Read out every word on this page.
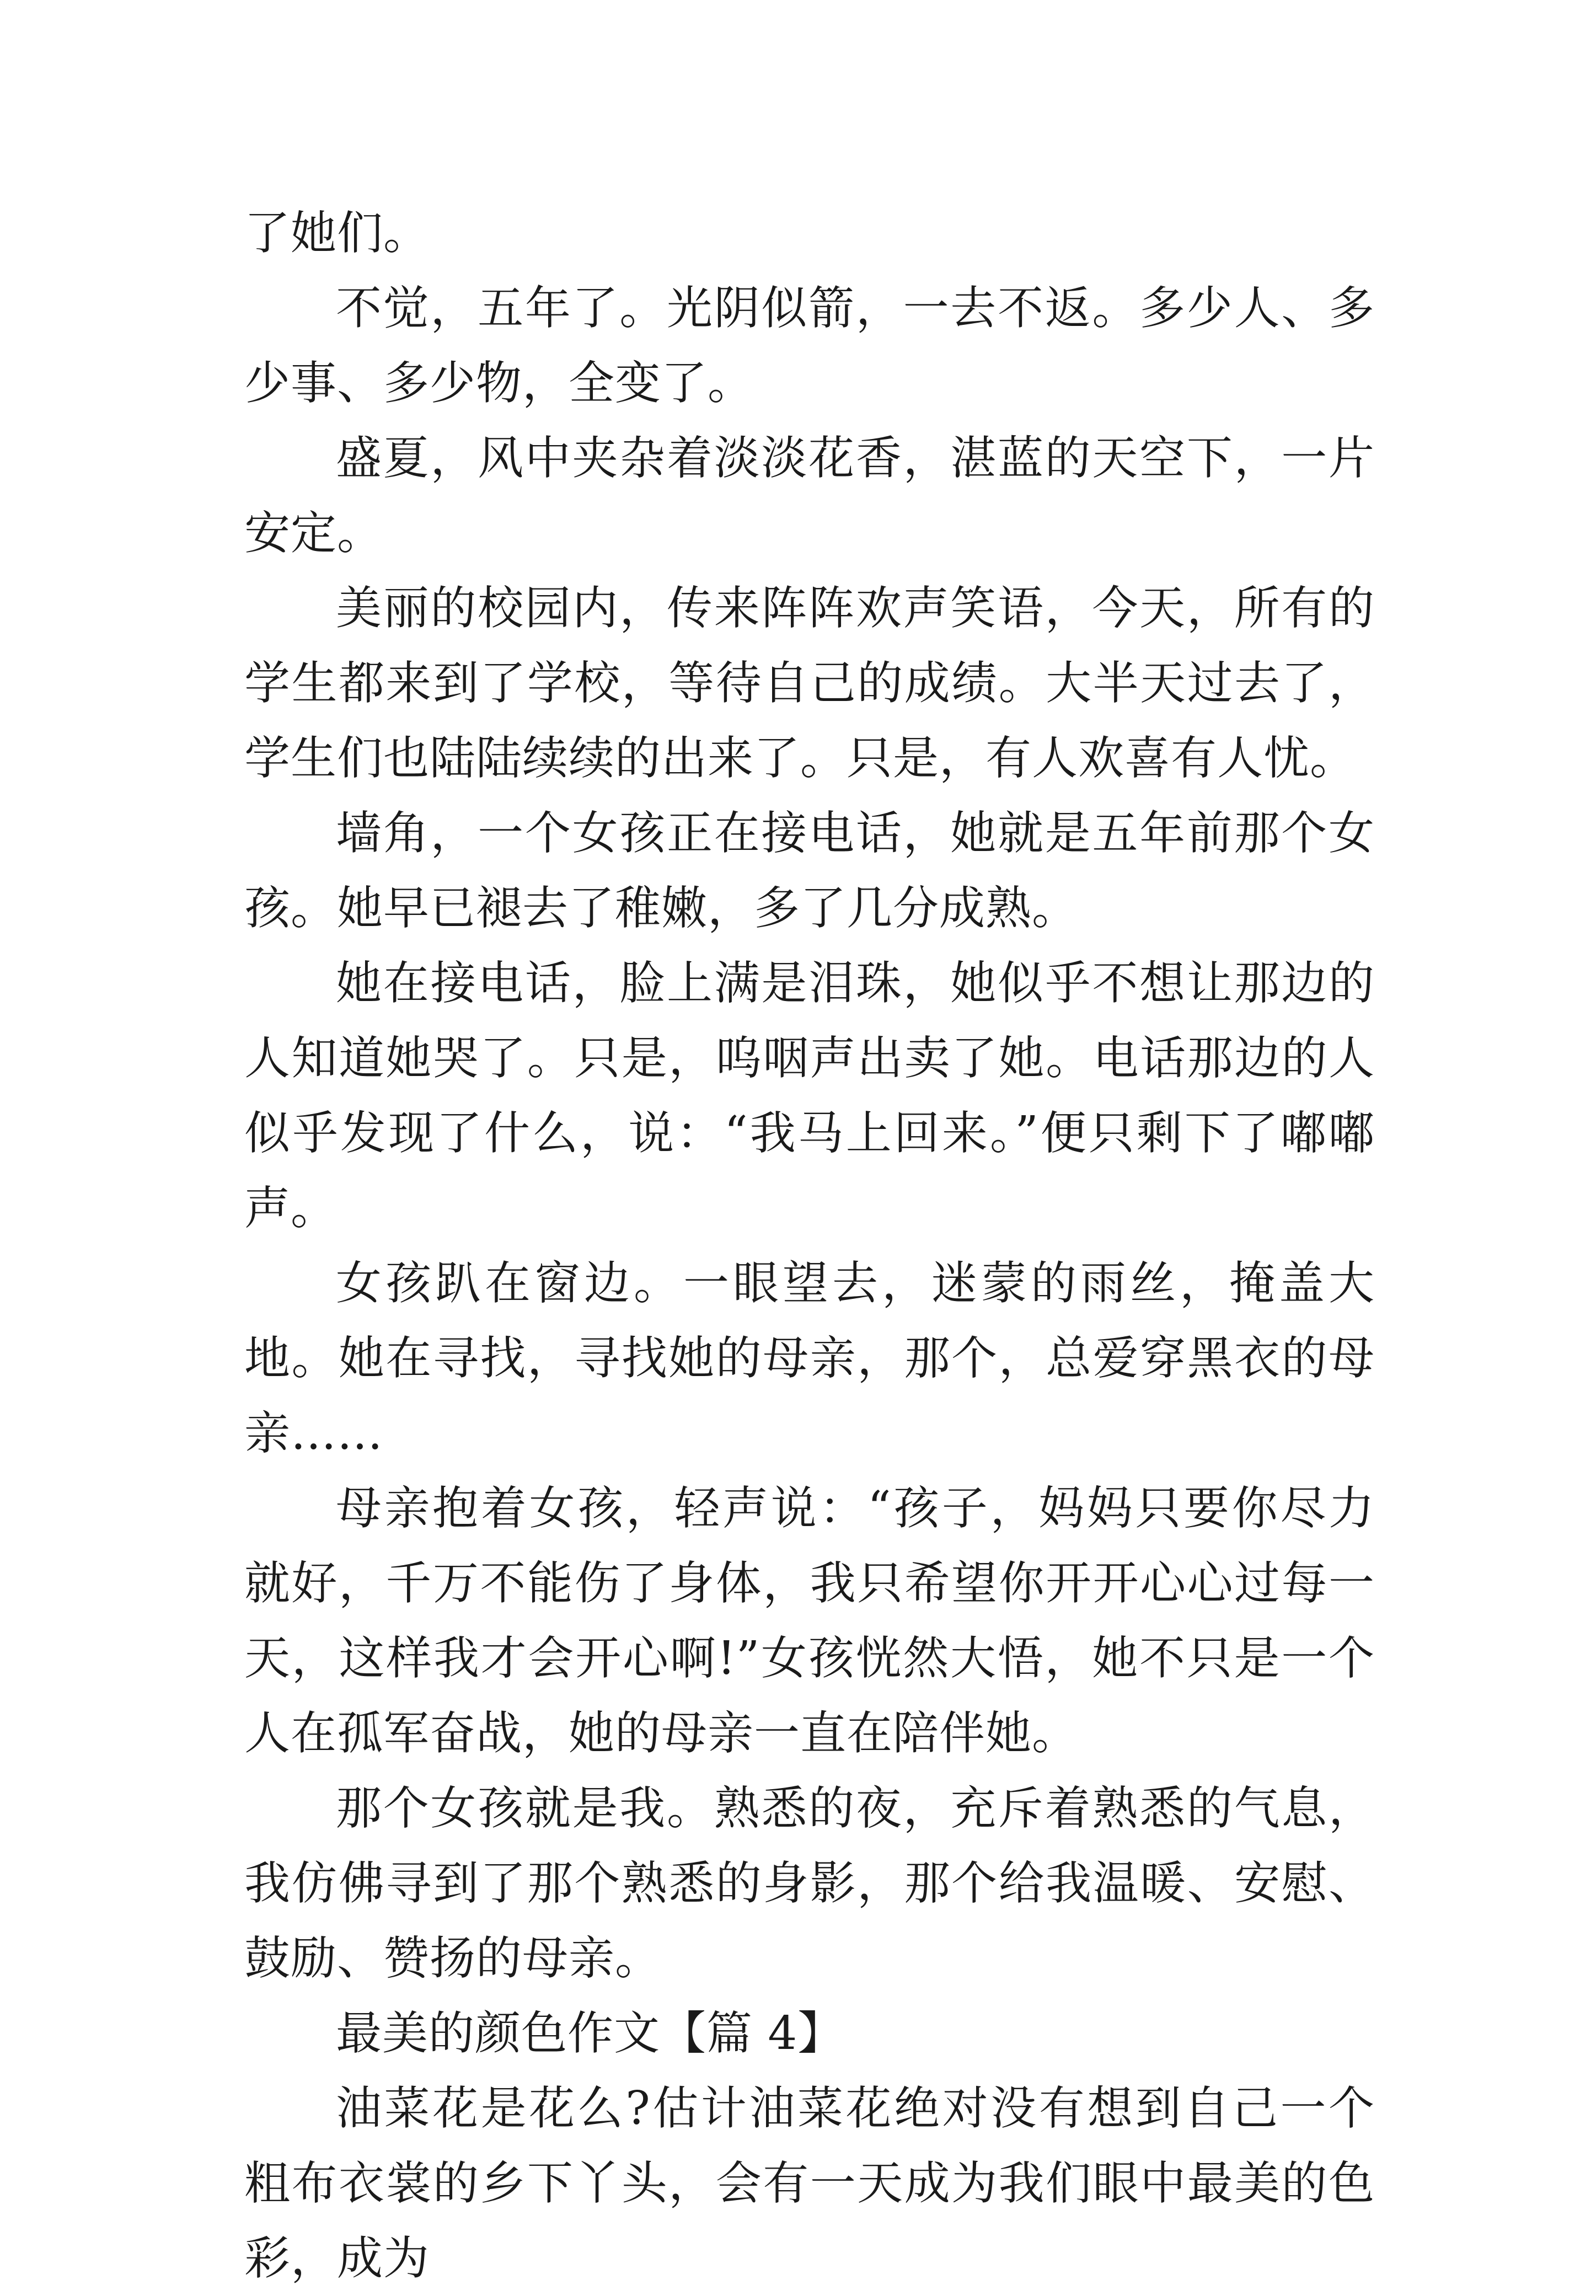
了她们。

不觉，五年了。光阴似箭，一去不返。多少人、多少事、多少物，全变了。

盛夏，风中夹杂着淡淡花香，湛蓝的天空下，一片安定。

美丽的校园内，传来阵阵欢声笑语，今天，所有的学生都来到了学校，等待自己的成绩。大半天过去了，学生们也陆陆续续的出来了。只是，有人欢喜有人忧。

墙角，一个女孩正在接电话，她就是五年前那个女孩。她早已褪去了稚嫩，多了几分成熟。

她在接电话，脸上满是泪珠，她似乎不想让那边的人知道她哭了。只是，呜咽声出卖了她。电话那边的人似乎发现了什么，说：“我马上回来。”便只剩下了嘟嘟声。

女孩趴在窗边。一眼望去，迷蒙的雨丝，掩盖大地。她在寻找，寻找她的母亲，那个，总爱穿黑衣的母亲……

母亲抱着女孩，轻声说：“孩子，妈妈只要你尽力就好，千万不能伤了身体，我只希望你开开心心过每一天，这样我才会开心啊!”女孩恍然大悟，她不只是一个人在孤军奋战，她的母亲一直在陪伴她。

那个女孩就是我。熟悉的夜，充斥着熟悉的气息，我仿佛寻到了那个熟悉的身影，那个给我温暖、安慰、鼓励、赞扬的母亲。

最美的颜色作文【篇 4】

油菜花是花么?估计油菜花绝对没有想到自己一个粗布衣裳的乡下丫头，会有一天成为我们眼中最美的色彩，成为
